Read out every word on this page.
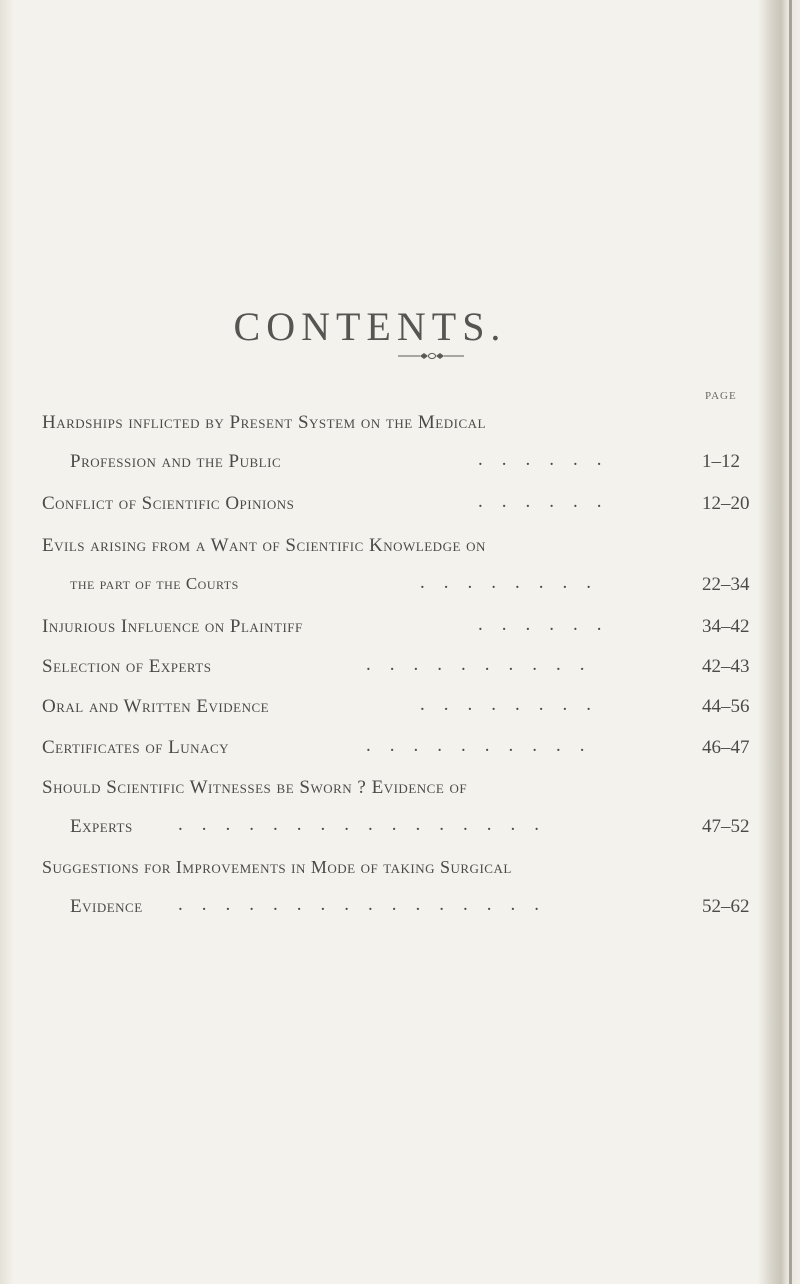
CONTENTS.
PAGE
Hardships inflicted by Present System on the Medical
Profession and the Public	.    .    .    .    .    .	1–12
Conflict of Scientific Opinions	.    .    .    .    .    .	12–20
Evils arising from a Want of Scientific Knowledge on
the part of the Courts	.    .    .    .    .    .    .    .	22–34
Injurious Influence on Plaintiff	.    .    .    .    .    .	34–42
Selection of Experts	.    .    .    .    .    .    .    .    .    .	42–43
Oral and Written Evidence	.    .    .    .    .    .    .    .	44–56
Certificates of Lunacy	.    .    .    .    .    .    .    .    .    .	46–47
Should Scientific Witnesses be Sworn ? Evidence of
Experts .    .    .    .    .    .    .    .    .    .    .    .    .    .    .    .	47–52
Suggestions for Improvements in Mode of taking Surgical
Evidence .    .    .    .    .    .    .    .    .    .    .    .    .    .    .    .	52–62
